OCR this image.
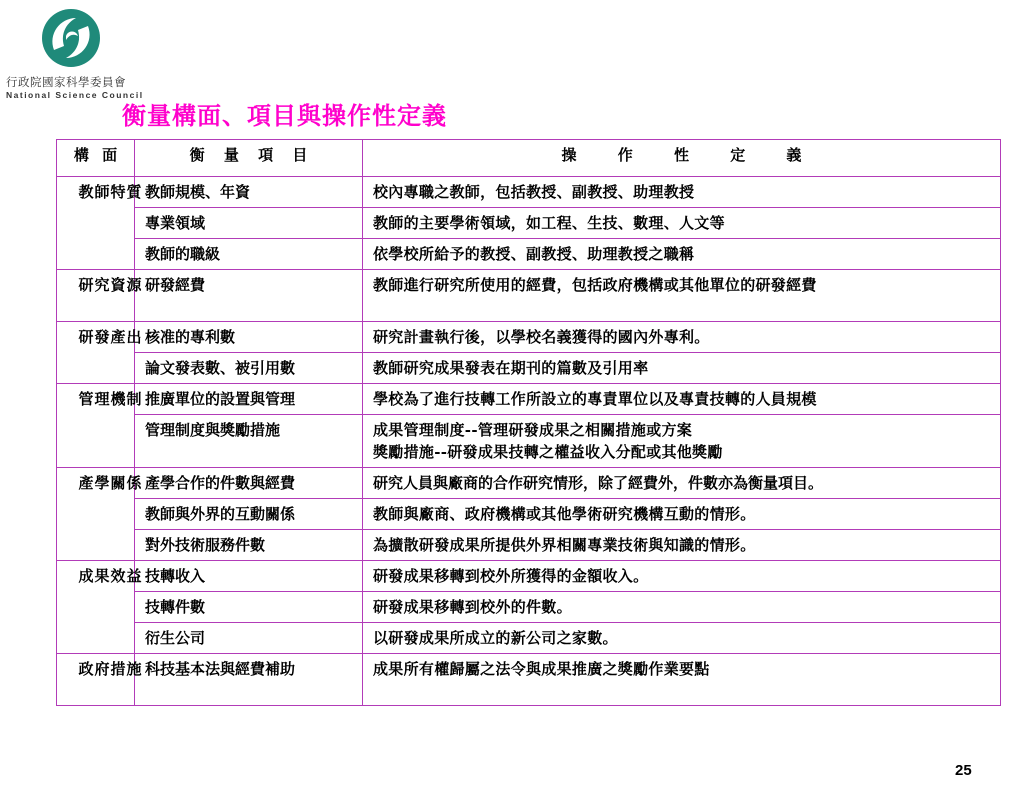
行政院國家科學委員會
National Science Council
衡量構面、項目與操作性定義
構 面	衡 量 項 目	操 作 性 定 義

教師特質	教師規模、年資	校內專職之教師，包括教授、副教授、助理教授
	專業領域	教師的主要學術領域，如工程、生技、數理、人文等
	教師的職級	依學校所給予的教授、副教授、助理教授之職稱

研究資源	研發經費	教師進行研究所使用的經費，包括政府機構或其他單位的研發經費

研發產出	核准的專利數	研究計畫執行後，以學校名義獲得的國內外專利。
	論文發表數、被引用數	教師研究成果發表在期刊的篇數及引用率

管理機制	推廣單位的設置與管理	學校為了進行技轉工作所設立的專責單位以及專責技轉的人員規模
	管理制度與獎勵措施	成果管理制度--管理研發成果之相關措施或方案
獎勵措施--研發成果技轉之權益收入分配或其他獎勵

產學關係	產學合作的件數與經費	研究人員與廠商的合作研究情形，除了經費外，件數亦為衡量項目。
	教師與外界的互動關係	教師與廠商、政府機構或其他學術研究機構互動的情形。
	對外技術服務件數	為擴散研發成果所提供外界相關專業技術與知識的情形。

成果效益	技轉收入	研發成果移轉到校外所獲得的金額收入。
	技轉件數	研發成果移轉到校外的件數。
	衍生公司	以研發成果所成立的新公司之家數。

政府措施	科技基本法與經費補助	成果所有權歸屬之法令與成果推廣之獎勵作業要點
25
